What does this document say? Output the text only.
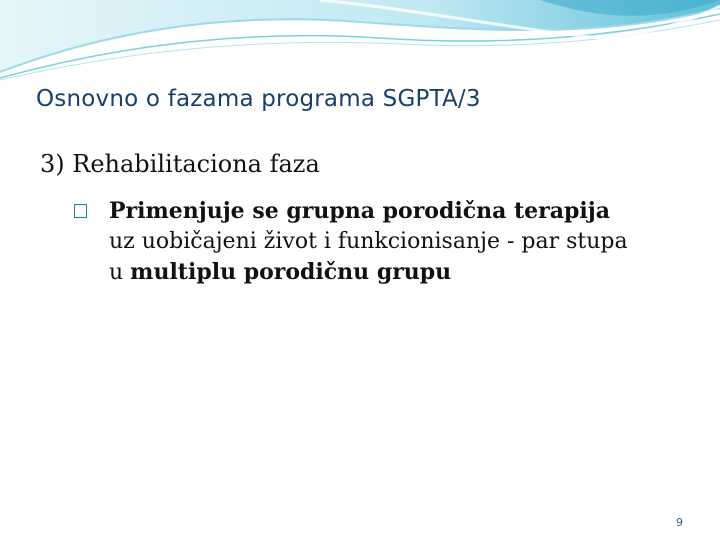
Osnovno o fazama programa SGPTA/3
3) Rehabilitaciona faza
Primenjuje se grupna porodična terapija uz uobičajeni život i funkcionisanje - par stupa u multiplu porodičnu grupu
9
